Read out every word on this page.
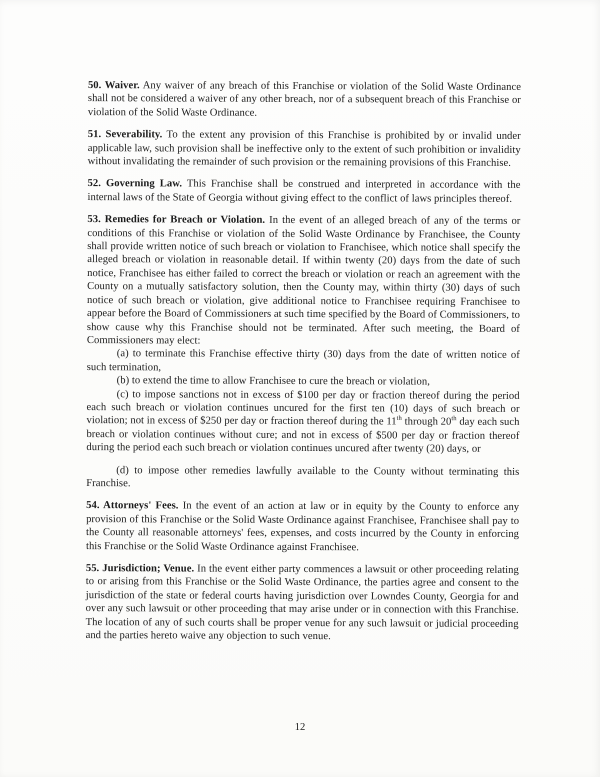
50. Waiver. Any waiver of any breach of this Franchise or violation of the Solid Waste Ordinance shall not be considered a waiver of any other breach, nor of a subsequent breach of this Franchise or violation of the Solid Waste Ordinance.

51. Severability. To the extent any provision of this Franchise is prohibited by or invalid under applicable law, such provision shall be ineffective only to the extent of such prohibition or invalidity without invalidating the remainder of such provision or the remaining provisions of this Franchise.

52. Governing Law. This Franchise shall be construed and interpreted in accordance with the internal laws of the State of Georgia without giving effect to the conflict of laws principles thereof.

53. Remedies for Breach or Violation. In the event of an alleged breach of any of the terms or conditions of this Franchise or violation of the Solid Waste Ordinance by Franchisee, the County shall provide written notice of such breach or violation to Franchisee, which notice shall specify the alleged breach or violation in reasonable detail. If within twenty (20) days from the date of such notice, Franchisee has either failed to correct the breach or violation or reach an agreement with the County on a mutually satisfactory solution, then the County may, within thirty (30) days of such notice of such breach or violation, give additional notice to Franchisee requiring Franchisee to appear before the Board of Commissioners at such time specified by the Board of Commissioners, to show cause why this Franchise should not be terminated. After such meeting, the Board of Commissioners may elect:

(a) to terminate this Franchise effective thirty (30) days from the date of written notice of such termination,

(b) to extend the time to allow Franchisee to cure the breach or violation,

(c) to impose sanctions not in excess of $100 per day or fraction thereof during the period each such breach or violation continues uncured for the first ten (10) days of such breach or violation; not in excess of $250 per day or fraction thereof during the 11th through 20th day each such breach or violation continues without cure; and not in excess of $500 per day or fraction thereof during the period each such breach or violation continues uncured after twenty (20) days, or

(d) to impose other remedies lawfully available to the County without terminating this Franchise.

54. Attorneys' Fees. In the event of an action at law or in equity by the County to enforce any provision of this Franchise or the Solid Waste Ordinance against Franchisee, Franchisee shall pay to the County all reasonable attorneys' fees, expenses, and costs incurred by the County in enforcing this Franchise or the Solid Waste Ordinance against Franchisee.

55. Jurisdiction; Venue. In the event either party commences a lawsuit or other proceeding relating to or arising from this Franchise or the Solid Waste Ordinance, the parties agree and consent to the jurisdiction of the state or federal courts having jurisdiction over Lowndes County, Georgia for and over any such lawsuit or other proceeding that may arise under or in connection with this Franchise. The location of any of such courts shall be proper venue for any such lawsuit or judicial proceeding and the parties hereto waive any objection to such venue.

12
